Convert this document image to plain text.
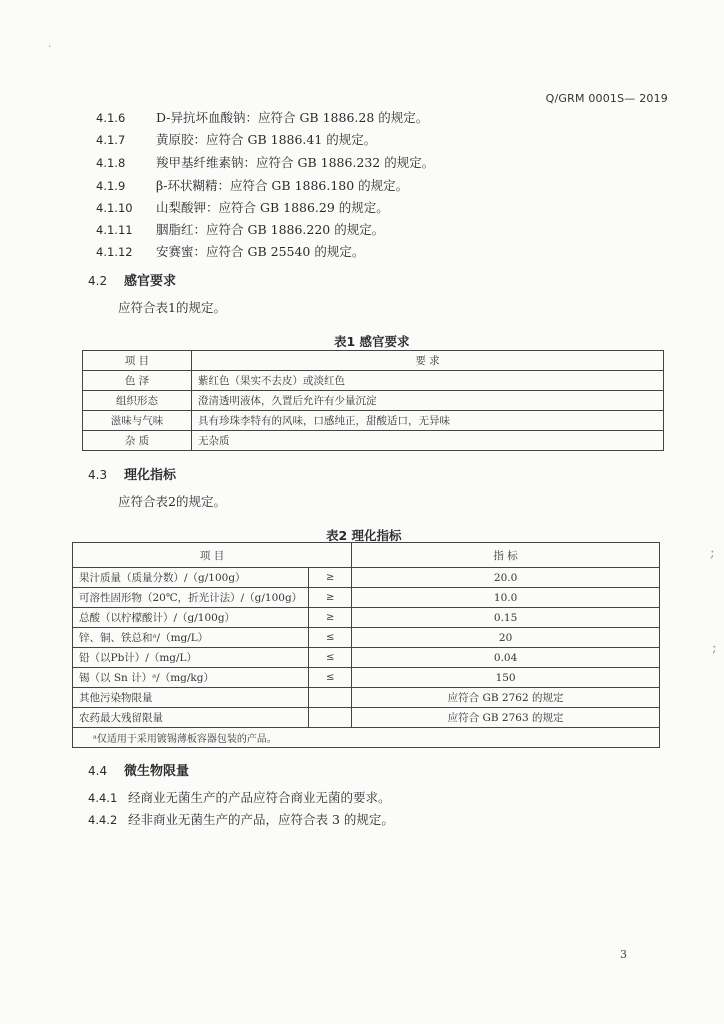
Q/GRM 0001S— 2019
4.1.6 D-异抗坏血酸钠：应符合 GB 1886.28 的规定。
4.1.7 黄原胶：应符合 GB 1886.41 的规定。
4.1.8 羧甲基纤维素钠：应符合 GB 1886.232 的规定。
4.1.9 β-环状糊精：应符合 GB 1886.180 的规定。
4.1.10 山梨酸钾：应符合 GB 1886.29 的规定。
4.1.11 胭脂红：应符合 GB 1886.220 的规定。
4.1.12 安赛蜜：应符合 GB 25540 的规定。
4.2 感官要求
应符合表1的规定。
表1 感官要求
项 目	要 求
色 泽	紫红色（果实不去皮）或淡红色
组织形态	澄清透明液体，久置后允许有少量沉淀
滋味与气味	具有珍珠李特有的风味，口感纯正，甜酸适口，无异味
杂 质	无杂质
4.3 理化指标
应符合表2的规定。
表2 理化指标
项 目		指 标
果汁质量（质量分数）/（g/100g）	≥	20.0
可溶性固形物（20℃，折光计法）/（g/100g）	≥	10.0
总酸（以柠檬酸计）/（g/100g）	≥	0.15
锌、铜、铁总和ᵃ/（mg/L）	≤	20
铅（以Pb计）/（mg/L）	≤	0.04
锡（以 Sn 计）ᵃ/（mg/kg）	≤	150
其他污染物限量		应符合 GB 2762 的规定
农药最大残留限量		应符合 GB 2763 的规定
ᵃ仅适用于采用镀锡薄板容器包装的产品。		
4.4 微生物限量
4.4.1 经商业无菌生产的产品应符合商业无菌的要求。
4.4.2 经非商业无菌生产的产品，应符合表 3 的规定。
3
·
;
;
